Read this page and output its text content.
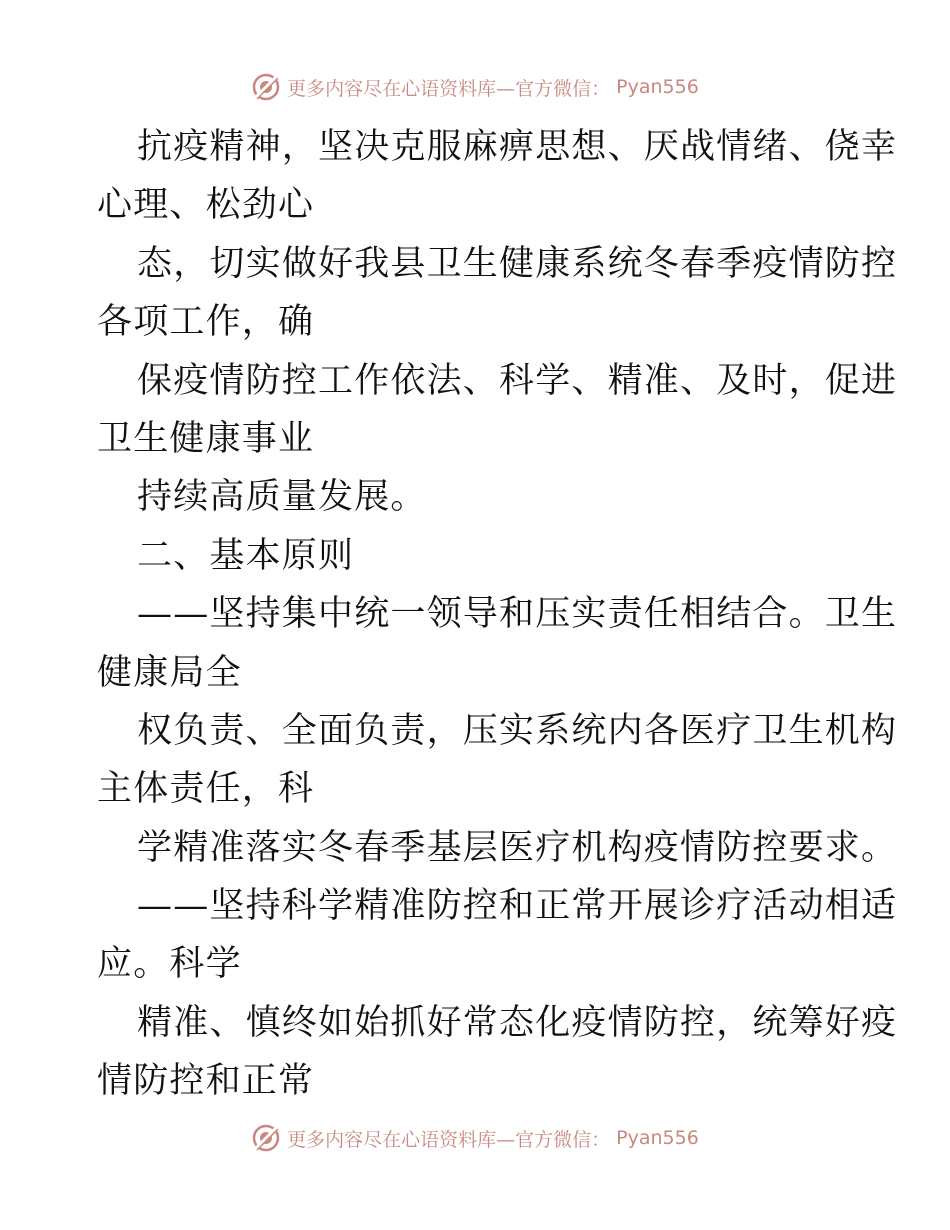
更多内容尽在心语资料库—官方微信： Pyan556
抗疫精神，坚决克服麻痹思想、厌战情绪、侥幸
心理、松劲心
态，切实做好我县卫生健康系统冬春季疫情防控
各项工作，确
保疫情防控工作依法、科学、精准、及时，促进
卫生健康事业
持续高质量发展。
二、基本原则
——坚持集中统一领导和压实责任相结合。卫生
健康局全
权负责、全面负责，压实系统内各医疗卫生机构
主体责任，科
学精准落实冬春季基层医疗机构疫情防控要求。
——坚持科学精准防控和正常开展诊疗活动相适
应。科学
精准、慎终如始抓好常态化疫情防控，统筹好疫
情防控和正常
更多内容尽在心语资料库—官方微信： Pyan556
